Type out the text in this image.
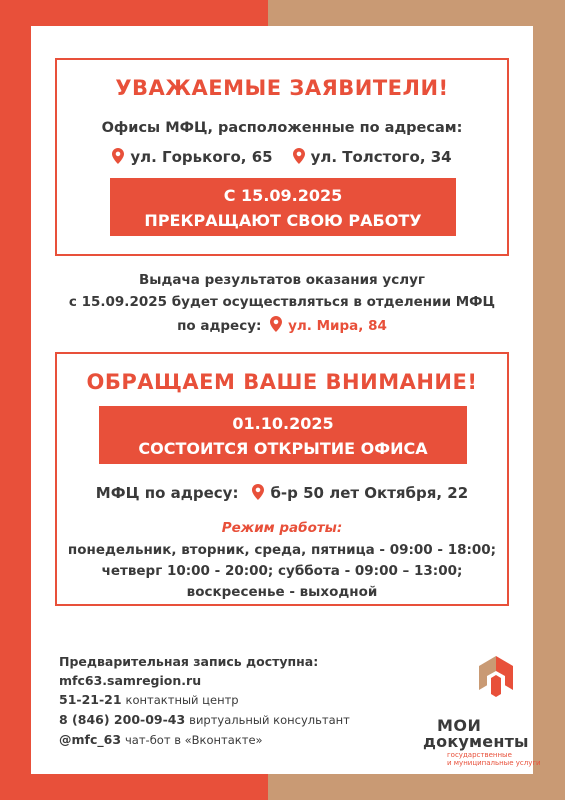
УВАЖАЕМЫЕ ЗАЯВИТЕЛИ!
Офисы МФЦ, расположенные по адресам:
ул. Горького, 65	ул. Толстого, 34
С 15.09.2025
ПРЕКРАЩАЮТ СВОЮ РАБОТУ
Выдача результатов оказания услуг
с 15.09.2025 будет осуществляться в отделении МФЦ
по адресу: ул. Мира, 84
ОБРАЩАЕМ ВАШЕ ВНИМАНИЕ!
01.10.2025
СОСТОИТСЯ ОТКРЫТИЕ ОФИСА
МФЦ по адресу: б-р 50 лет Октября, 22
Режим работы:
понедельник, вторник, среда, пятница - 09:00 - 18:00;
четверг 10:00 - 20:00; суббота - 09:00 – 13:00;
воскресенье - выходной
Предварительная запись доступна:
mfc63.samregion.ru
51-21-21 контактный центр
8 (846) 200-09-43 виртуальный консультант
@mfc_63 чат-бот в «Вконтакте»
МОИ
документы
государственные
и муниципальные услуги
